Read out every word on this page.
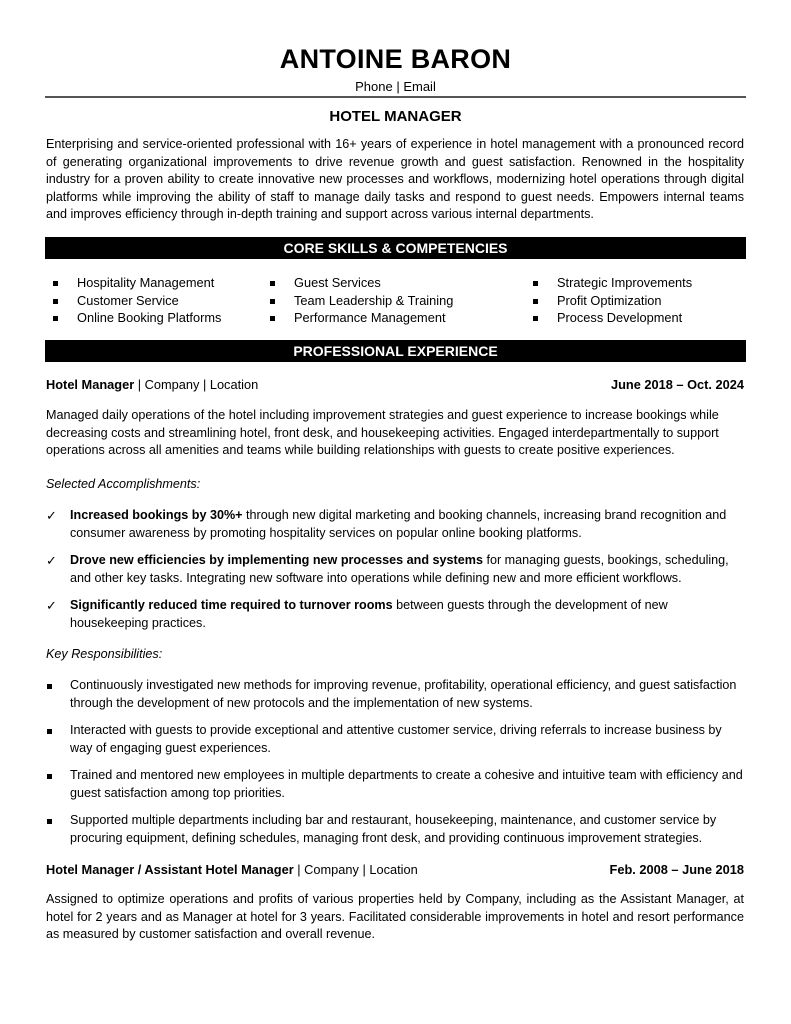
ANTOINE BARON
Phone | Email
HOTEL MANAGER
Enterprising and service-oriented professional with 16+ years of experience in hotel management with a pronounced record of generating organizational improvements to drive revenue growth and guest satisfaction. Renowned in the hospitality industry for a proven ability to create innovative new processes and workflows, modernizing hotel operations through digital platforms while improving the ability of staff to manage daily tasks and respond to guest needs. Empowers internal teams and improves efficiency through in-depth training and support across various internal departments.
CORE SKILLS & COMPETENCIES
Hospitality Management
Customer Service
Online Booking Platforms
Guest Services
Team Leadership & Training
Performance Management
Strategic Improvements
Profit Optimization
Process Development
PROFESSIONAL EXPERIENCE
Hotel Manager | Company | Location	June 2018 – Oct. 2024
Managed daily operations of the hotel including improvement strategies and guest experience to increase bookings while decreasing costs and streamlining hotel, front desk, and housekeeping activities. Engaged interdepartmentally to support operations across all amenities and teams while building relationships with guests to create positive experiences.
Selected Accomplishments:
✓ Increased bookings by 30%+ through new digital marketing and booking channels, increasing brand recognition and consumer awareness by promoting hospitality services on popular online booking platforms.
✓ Drove new efficiencies by implementing new processes and systems for managing guests, bookings, scheduling, and other key tasks. Integrating new software into operations while defining new and more efficient workflows.
✓ Significantly reduced time required to turnover rooms between guests through the development of new housekeeping practices.
Key Responsibilities:
Continuously investigated new methods for improving revenue, profitability, operational efficiency, and guest satisfaction through the development of new protocols and the implementation of new systems.
Interacted with guests to provide exceptional and attentive customer service, driving referrals to increase business by way of engaging guest experiences.
Trained and mentored new employees in multiple departments to create a cohesive and intuitive team with efficiency and guest satisfaction among top priorities.
Supported multiple departments including bar and restaurant, housekeeping, maintenance, and customer service by procuring equipment, defining schedules, managing front desk, and providing continuous improvement strategies.
Hotel Manager / Assistant Hotel Manager | Company | Location	Feb. 2008 – June 2018
Assigned to optimize operations and profits of various properties held by Company, including as the Assistant Manager, at hotel for 2 years and as Manager at hotel for 3 years. Facilitated considerable improvements in hotel and resort performance as measured by customer satisfaction and overall revenue.
